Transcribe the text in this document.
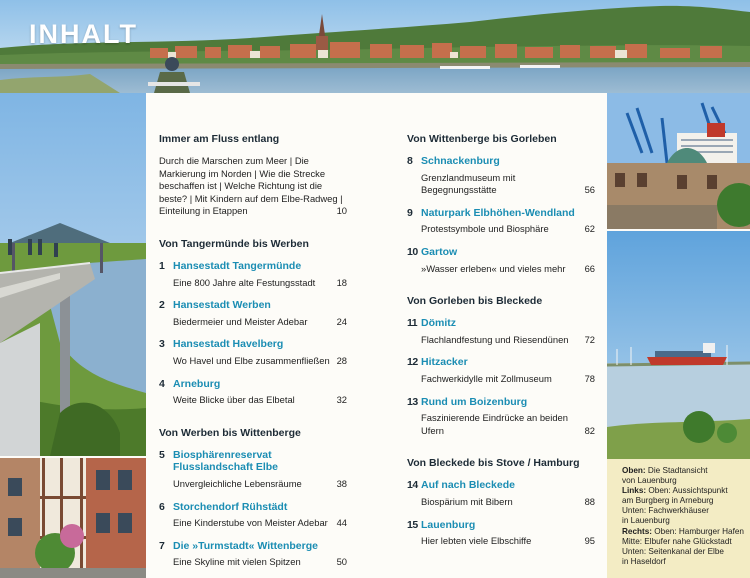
INHALT
Oben: Die Stadtansicht
von Lauenburg
Links: Oben: Aussichtspunkt
am Burgberg in Arneburg
Unten: Fachwerkhäuser
in Lauenburg
Rechts: Oben: Hamburger Hafen
Mitte: Elbufer nahe Glückstadt
Unten: Seitenkanal der Elbe
in Haseldorf
Immer am Fluss entlang
Durch die Marschen zum Meer | Die
Markierung im Norden | Wie die Strecke
beschaffen ist | Welche Richtung ist die
beste? | Mit Kindern auf dem Elbe-Radweg |
Einteilung in Etappen	10
Von Tangermünde bis Werben
1 Hansestadt Tangermünde
Eine 800 Jahre alte Festungsstadt 18
2 Hansestadt Werben
Biedermeier und Meister Adebar	24
3 Hansestadt Havelberg
Wo Havel und Elbe zusammenfließen 28
4 Arneburg
Weite Blicke über das Elbetal	32
Von Werben bis Wittenberge
5 Biosphärenreservat
Flusslandschaft Elbe
Unvergleichliche Lebensräume	38
6 Storchendorf Rühstädt
Eine Kinderstube von Meister Adebar 44
7 Die »Turmstadt« Wittenberge
Eine Skyline mit vielen Spitzen	50
Von Wittenberge bis Gorleben
8 Schnackenburg
Grenzlandmuseum mit
Begegnungsstätte	56
9 Naturpark Elbhöhen-Wendland
Protestsymbole und Biosphäre	62
10 Gartow
»Wasser erleben« und vieles mehr 66
Von Gorleben bis Bleckede
11 Dömitz
Flachlandfestung und Riesendünen 72
12 Hitzacker
Fachwerkidylle mit Zollmuseum	78
13 Rund um Boizenburg
Faszinierende Eindrücke an beiden
Ufern	82
Von Bleckede bis Stove / Hamburg
14 Auf nach Bleckede
Biospärium mit Bibern	88
15 Lauenburg
Hier lebten viele Elbschiffe	95
